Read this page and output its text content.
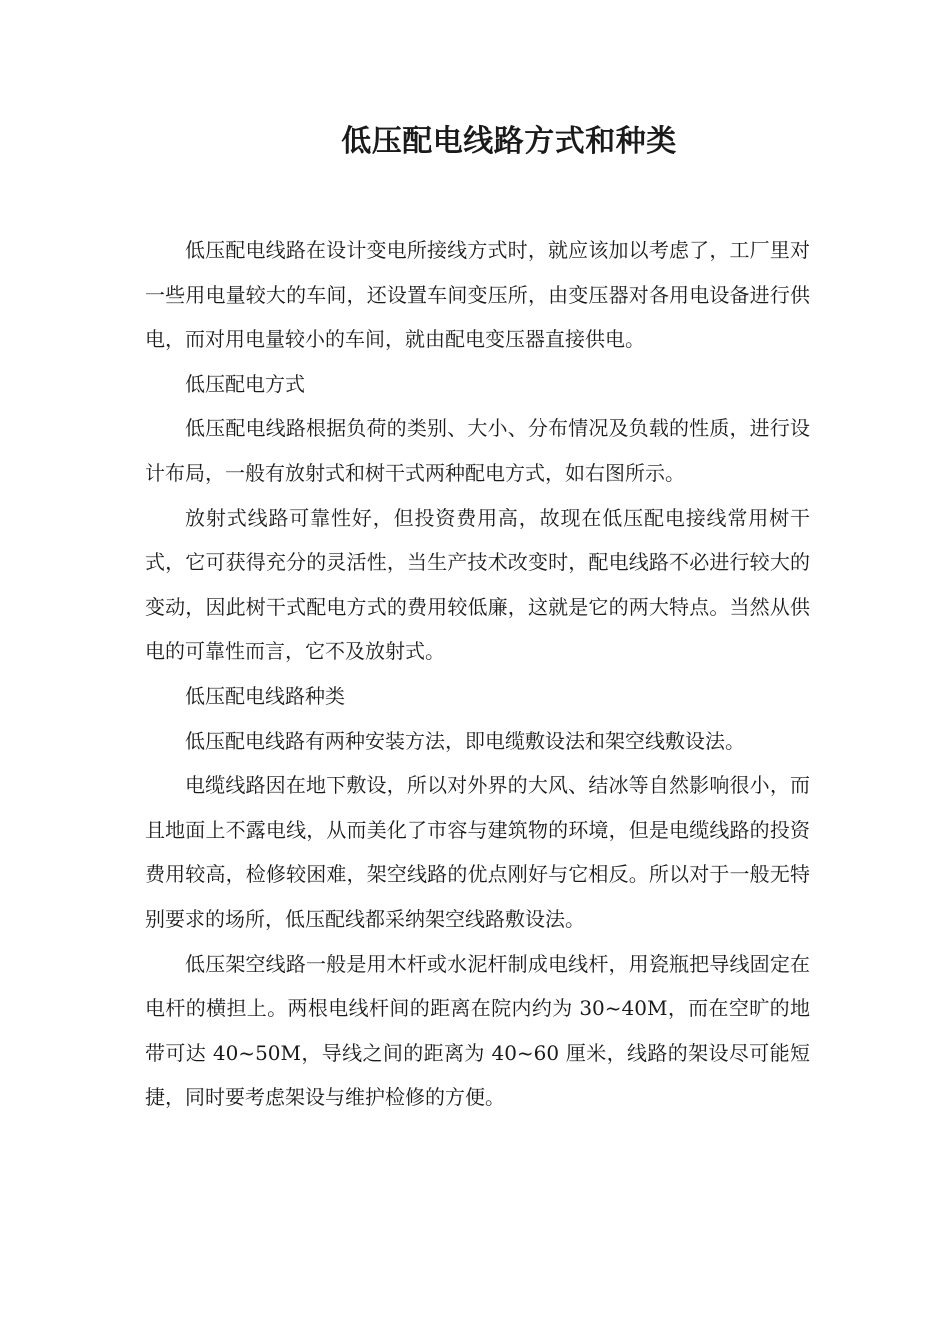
低压配电线路方式和种类

低压配电线路在设计变电所接线方式时，就应该加以考虑了，工厂里对一些用电量较大的车间，还设置车间变压所，由变压器对各用电设备进行供电，而对用电量较小的车间，就由配电变压器直接供电。

低压配电方式

低压配电线路根据负荷的类别、大小、分布情况及负载的性质，进行设计布局，一般有放射式和树干式两种配电方式，如右图所示。

放射式线路可靠性好，但投资费用高，故现在低压配电接线常用树干式，它可获得充分的灵活性，当生产技术改变时，配电线路不必进行较大的变动，因此树干式配电方式的费用较低廉，这就是它的两大特点。当然从供电的可靠性而言，它不及放射式。

低压配电线路种类

低压配电线路有两种安装方法，即电缆敷设法和架空线敷设法。

电缆线路因在地下敷设，所以对外界的大风、结冰等自然影响很小，而且地面上不露电线，从而美化了市容与建筑物的环境，但是电缆线路的投资费用较高，检修较困难，架空线路的优点刚好与它相反。所以对于一般无特别要求的场所，低压配线都采纳架空线路敷设法。

低压架空线路一般是用木杆或水泥杆制成电线杆，用瓷瓶把导线固定在电杆的横担上。两根电线杆间的距离在院内约为 30~40M，而在空旷的地带可达 40~50M，导线之间的距离为 40~60 厘米，线路的架设尽可能短捷，同时要考虑架设与维护检修的方便。
